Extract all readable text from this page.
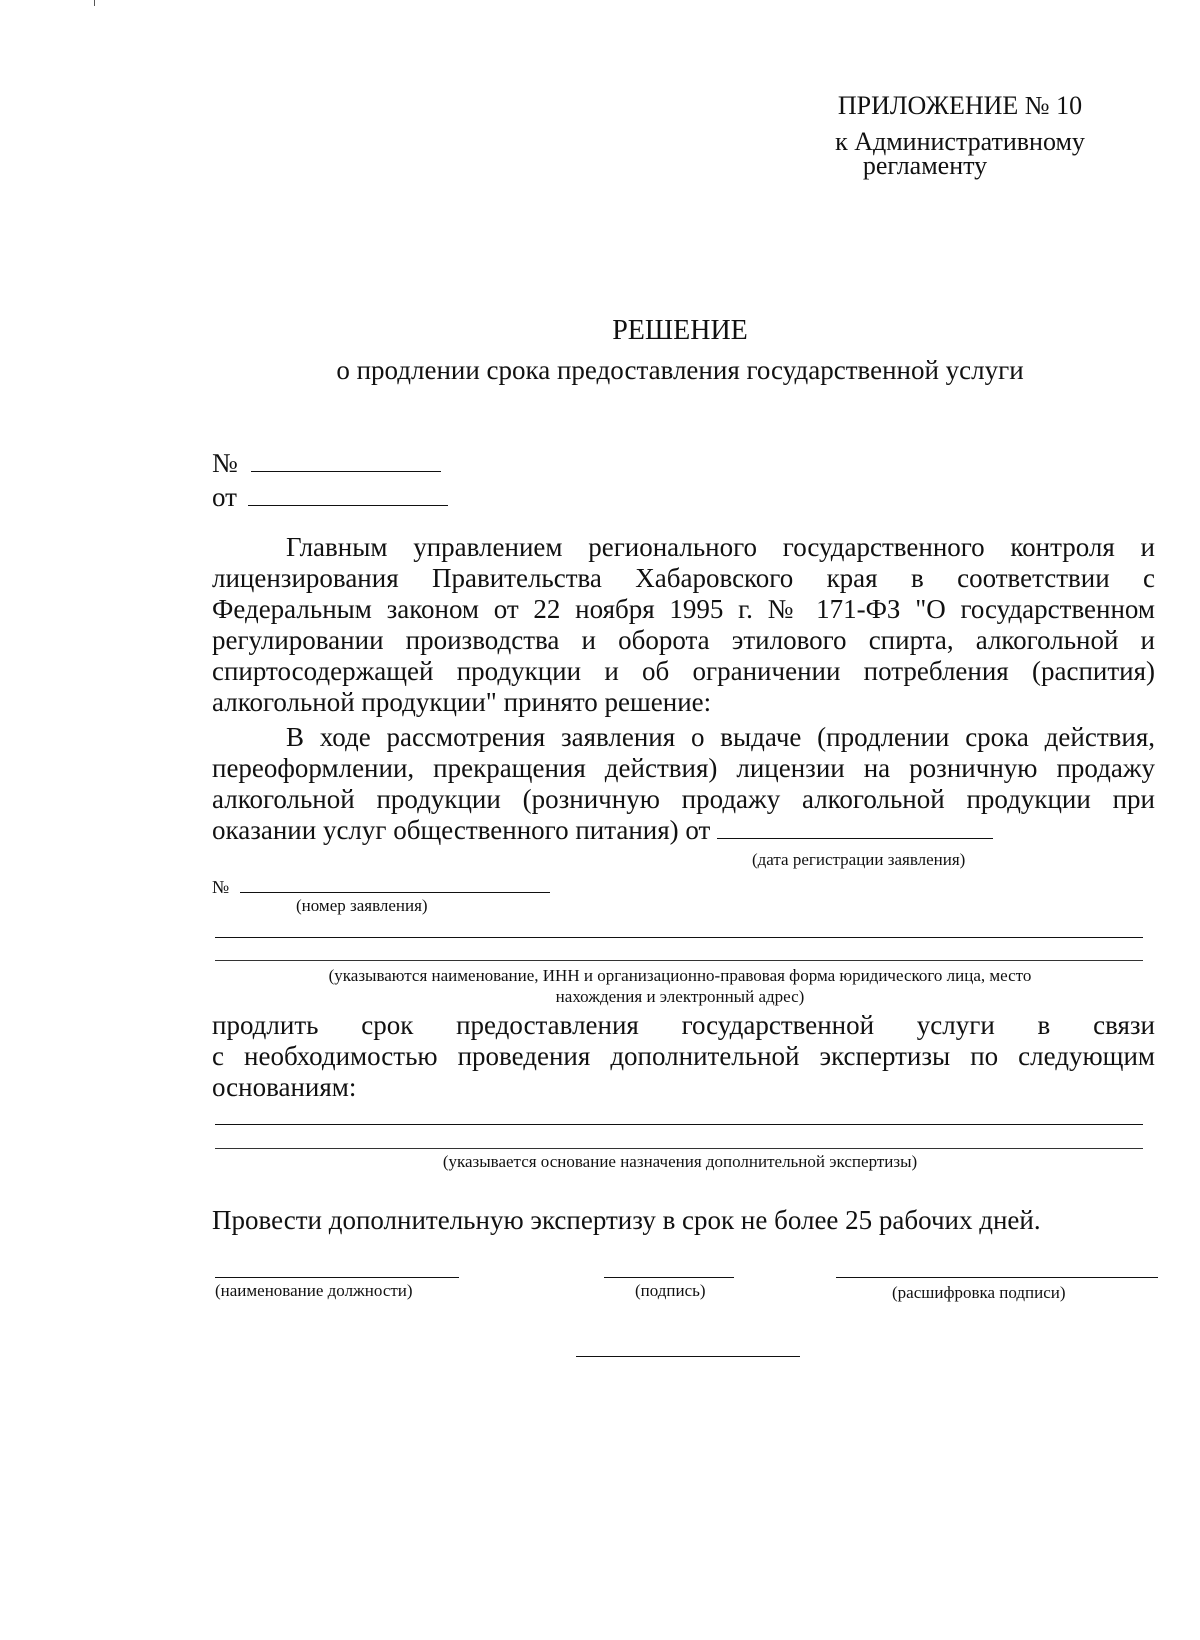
ПРИЛОЖЕНИЕ № 10
к Административному
регламенту
РЕШЕНИЕ
о продлении срока предоставления государственной услуги
№
от

Главным управлением регионального государственного контроля и лицензирования Правительства Хабаровского края в соответствии с Федеральным законом от 22 ноября 1995 г. № 171-ФЗ "О государственном регулировании производства и оборота этилового спирта, алкогольной и спиртосодержащей продукции и об ограничении потребления (распития) алкогольной продукции" принято решение:

В ходе рассмотрения заявления о выдаче (продлении срока действия, переоформлении, прекращения действия) лицензии на розничную продажу алкогольной продукции (розничную продажу алкогольной продукции при оказании услуг общественного питания) от

(дата регистрации заявления)
№
(номер заявления)
(указываются наименование, ИНН и организационно-правовая форма юридического лица, место
нахождения и электронный адрес)
продлить срок предоставления государственной услуги в связи
с необходимостью проведения дополнительной экспертизы по следующим
основаниям:
(указывается основание назначения дополнительной экспертизы)
Провести дополнительную экспертизу в срок не более 25 рабочих дней.
(наименование должности)	(подпись)	(расшифровка подписи)
